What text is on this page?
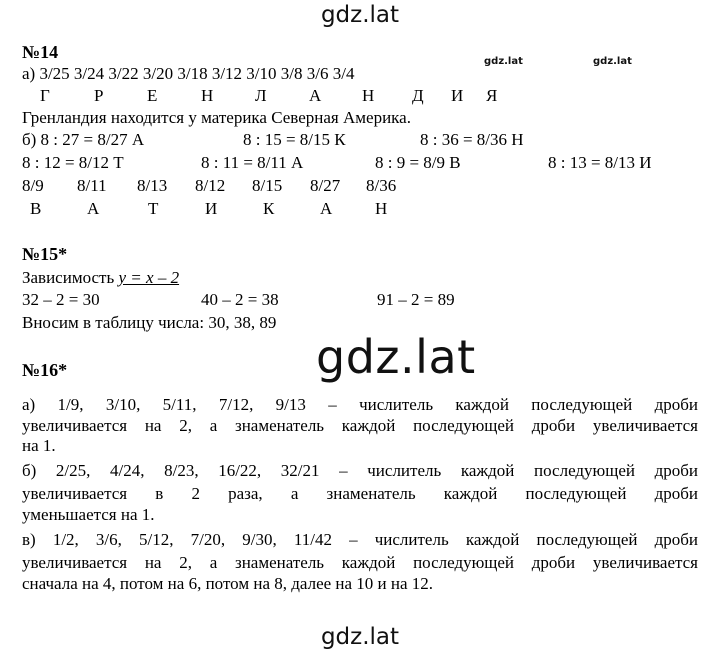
gdz.lat
№14
а) 3/25 3/24 3/22 3/20 3/18 3/12 3/10 3/8 3/6 3/4
gdz.lat	gdz.lat
Г	Р	Е	Н Л А Н Д И Я
Гренландия находится у материка Северная Америка.
б) 8 : 27 = 8/27 А	8 : 15 = 8/15 К	8 : 36 = 8/36 Н
8 : 12 = 8/12 Т	8 : 11 = 8/11 А	8 : 9 = 8/9 В	8 : 13 = 8/13 И
8/9 8/11 8/13 8/12 8/15 8/27 8/36
В	А	Т	И	К	А	Н
№15*
Зависимость y = x – 2
32 – 2 = 30	40 – 2 = 38	91 – 2 = 89
Вносим в таблицу числа: 30, 38, 89
gdz.lat
№16*
а) 1/9, 3/10, 5/11, 7/12, 9/13 – числитель каждой последующей дроби
увеличивается на 2, а знаменатель каждой последующей дроби увеличивается
на 1.
б) 2/25, 4/24, 8/23, 16/22, 32/21 – числитель каждой последующей дроби
увеличивается в 2 раза, а знаменатель каждой последующей дроби
уменьшается на 1.
в) 1/2, 3/6, 5/12, 7/20, 9/30, 11/42 – числитель каждой последующей дроби
увеличивается на 2, а знаменатель каждой последующей дроби увеличивается
сначала на 4, потом на 6, потом на 8, далее на 10 и на 12.
gdz.lat
